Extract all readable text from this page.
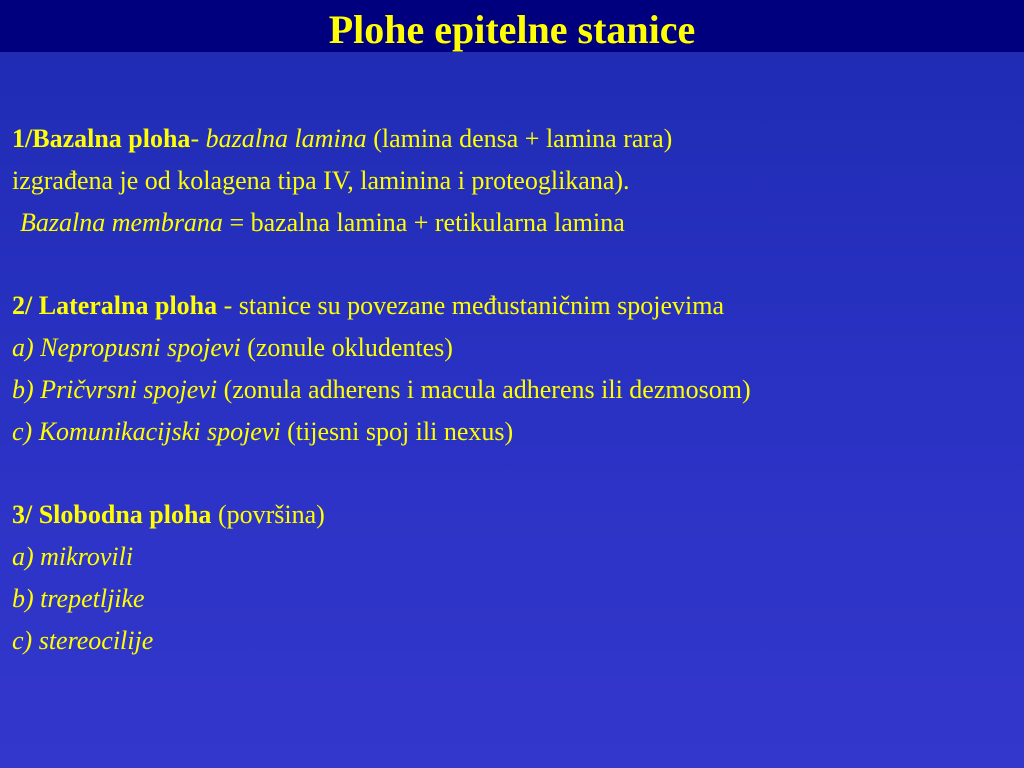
Plohe epitelne stanice
1/Bazalna ploha- bazalna lamina (lamina densa + lamina rara)
izgrađena je od kolagena tipa IV, laminina i proteoglikana).
Bazalna membrana = bazalna lamina + retikularna lamina
2/ Lateralna ploha - stanice su povezane međustaničnim spojevima
a) Nepropusni spojevi (zonule okludentes)
b) Pričvrsni spojevi (zonula adherens i macula adherens ili dezmosom)
c) Komunikacijski spojevi (tijesni spoj ili nexus)
3/ Slobodna ploha (površina)
a) mikrovili
b) trepetljike
c) stereocilije
